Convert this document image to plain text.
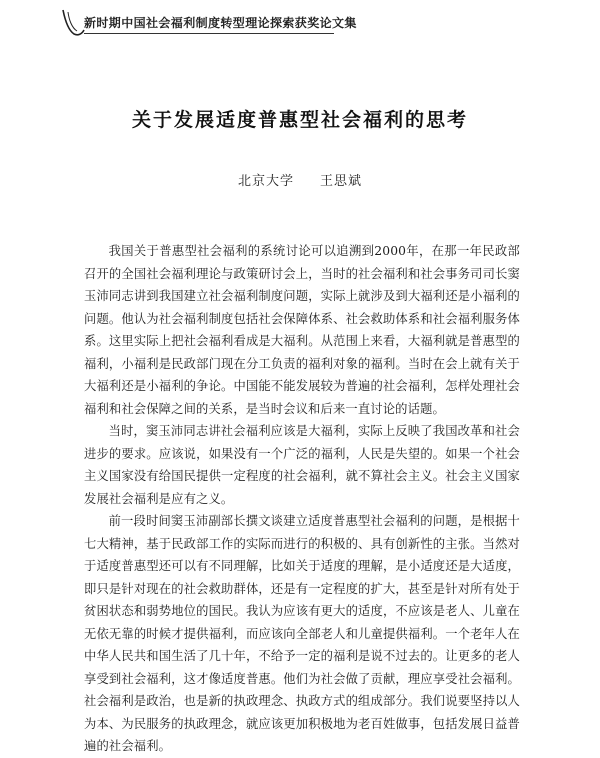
新时期中国社会福利制度转型理论探索获奖论文集
关于发展适度普惠型社会福利的思考
北京大学 王思斌

我国关于普惠型社会福利的系统讨论可以追溯到2000年，在那一年民政部召开的全国社会福利理论与政策研讨会上，当时的社会福利和社会事务司司长窦玉沛同志讲到我国建立社会福利制度问题，实际上就涉及到大福利还是小福利的问题。他认为社会福利制度包括社会保障体系、社会救助体系和社会福利服务体系。这里实际上把社会福利看成是大福利。从范围上来看，大福利就是普惠型的福利，小福利是民政部门现在分工负责的福利对象的福利。当时在会上就有关于大福利还是小福利的争论。中国能不能发展较为普遍的社会福利，怎样处理社会福利和社会保障之间的关系，是当时会议和后来一直讨论的话题。

当时，窦玉沛同志讲社会福利应该是大福利，实际上反映了我国改革和社会进步的要求。应该说，如果没有一个广泛的福利，人民是失望的。如果一个社会主义国家没有给国民提供一定程度的社会福利，就不算社会主义。社会主义国家发展社会福利是应有之义。

前一段时间窦玉沛副部长撰文谈建立适度普惠型社会福利的问题，是根据十七大精神，基于民政部工作的实际而进行的积极的、具有创新性的主张。当然对于适度普惠型还可以有不同理解，比如关于适度的理解，是小适度还是大适度，即只是针对现在的社会救助群体，还是有一定程度的扩大，甚至是针对所有处于贫困状态和弱势地位的国民。我认为应该有更大的适度，不应该是老人、儿童在无依无靠的时候才提供福利，而应该向全部老人和儿童提供福利。一个老年人在中华人民共和国生活了几十年，不给予一定的福利是说不过去的。让更多的老人享受到社会福利，这才像适度普惠。他们为社会做了贡献，理应享受社会福利。社会福利是政治，也是新的执政理念、执政方式的组成部分。我们说要坚持以人为本、为民服务的执政理念，就应该更加积极地为老百姓做事，包括发展日益普遍的社会福利。
